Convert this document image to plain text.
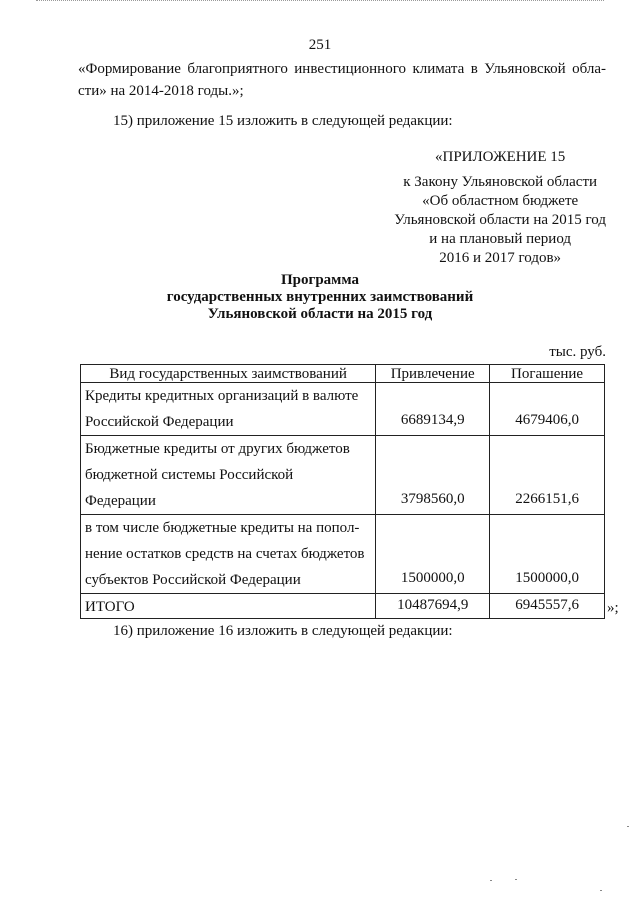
251
«Формирование благоприятного инвестиционного климата в Ульяновской обла-
сти» на 2014-2018 годы.»;
15) приложение 15 изложить в следующей редакции:
«ПРИЛОЖЕНИЕ 15
к Закону Ульяновской области
«Об областном бюджете
Ульяновской области на 2015 год
и на плановый период
2016 и 2017 годов»
Программа
государственных внутренних заимствований
Ульяновской области на 2015 год
тыс. руб.
Вид государственных заимствований	Привлечение	Погашение

Кредиты кредитных организаций в валюте
Российской Федерации	6689134,9	4679406,0

Бюджетные кредиты от других бюджетов
бюджетной системы Российской
Федерации	3798560,0	2266151,6

в том числе бюджетные кредиты на попол-
нение остатков средств на счетах бюджетов
субъектов Российской Федерации	1500000,0	1500000,0
ИТОГО	10487694,9	6945557,6 »;
16) приложение 16 изложить в следующей редакции:
